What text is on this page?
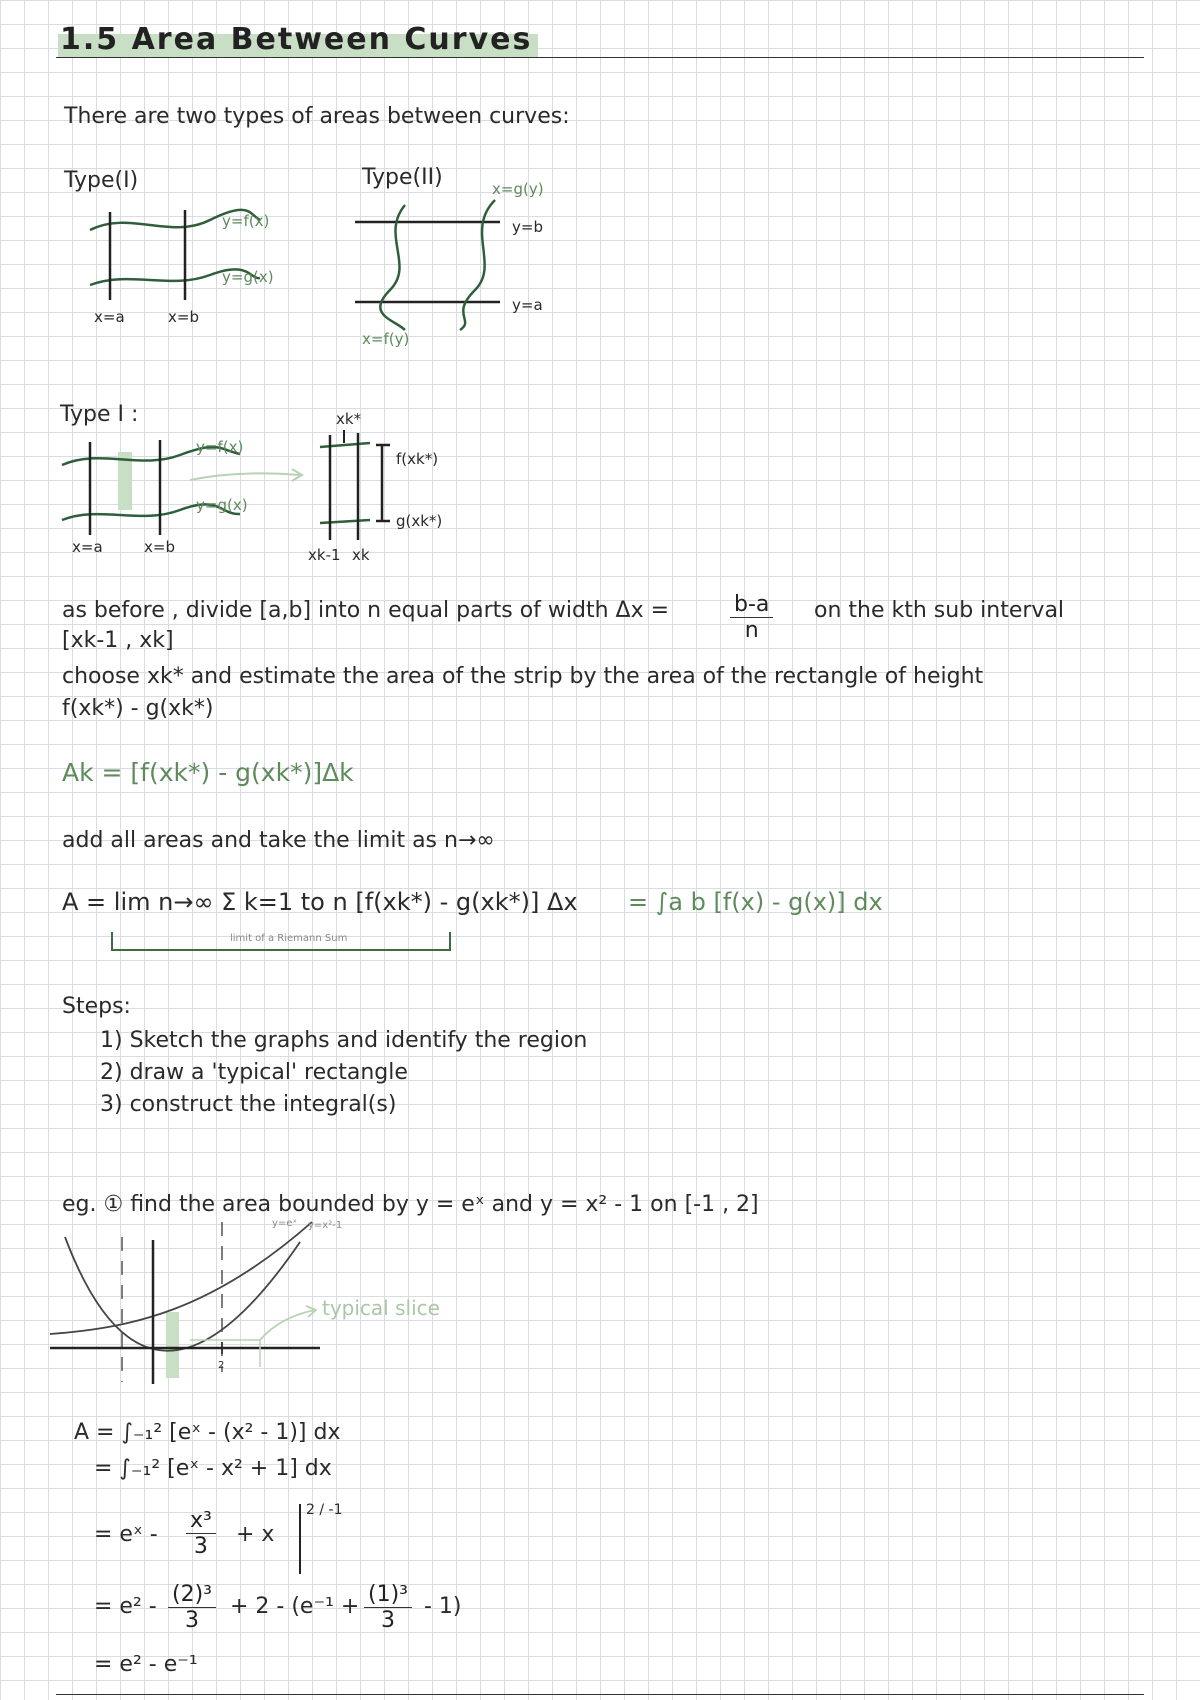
1.5 Area Between Curves
There are two types of areas between curves:
Type(I)
y=f(x)
y=g(x)
x=a	x=b
Type(II)	x=g(y)
y=b
y=a
x=f(y)
Type I :
y=f(x)
y=g(x)
x=a	x=b
xk*
f(xk*)
g(xk*)
xk-1 xk
as before , divide [a,b] into n equal parts of width Δx =	$\frac{b-a}{n}$ on the kth sub interval
[xk-1 , xk]
choose xk* and estimate the area of the strip by the area of the rectangle of height
f(xk*) - g(xk*)
Ak = [f(xk*) - g(xk*)]Δk
add all areas and take the limit as n→∞
A = lim n→∞ Σ k=1 to n [f(xk*) - g(xk*)] Δx = ∫a b [f(x) - g(x)] dx
limit of a Riemann Sum
Steps:
1) Sketch the graphs and identify the region
2) draw a 'typical' rectangle
3) construct the integral(s)
eg. ① find the area bounded by y = eˣ and y = x² - 1 on [-1 , 2]
y=eˣ y=x²-1
2
typical slice
A = ∫₋₁² [eˣ - (x² - 1)] dx
= ∫₋₁² [eˣ - x² + 1] dx
= eˣ - $\frac{\text{x³}}{3} + x$
2 / -1
= $e^2 - \frac{\text{(2)³}}{3} + 2 - (e^{-1} + \frac{\text{(1)³}}{3} - 1)$
= e² - e⁻¹
